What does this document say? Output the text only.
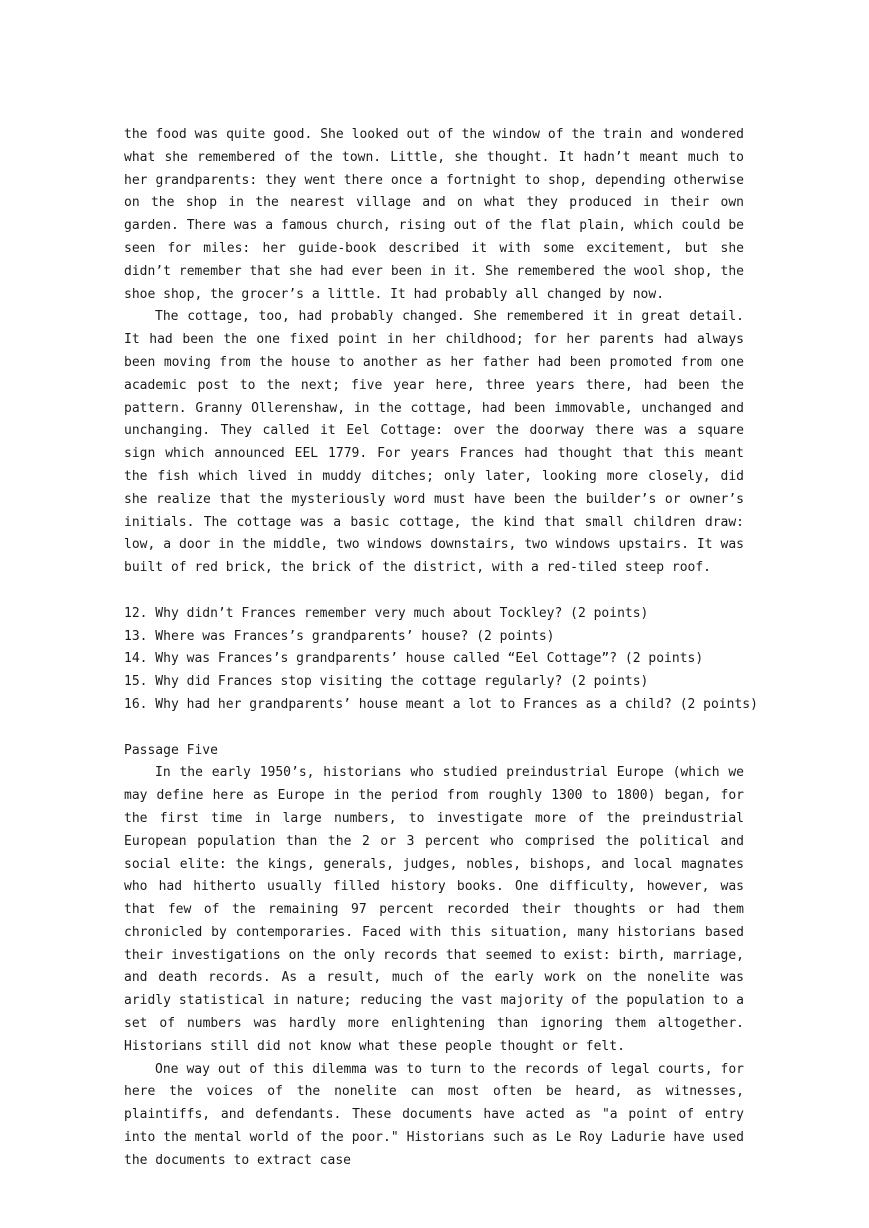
the food was quite good. She looked out of the window of the train and wondered what she remembered of the town. Little, she thought. It hadn’t meant much to her grandparents: they went there once a fortnight to shop, depending otherwise on the shop in the nearest village and on what they produced in their own garden. There was a famous church, rising out of the flat plain, which could be seen for miles: her guide-book described it with some excitement, but she didn’t remember that she had ever been in it. She remembered the wool shop, the shoe shop, the grocer’s a little. It had probably all changed by now.

The cottage, too, had probably changed. She remembered it in great detail. It had been the one fixed point in her childhood; for her parents had always been moving from the house to another as her father had been promoted from one academic post to the next; five year here, three years there, had been the pattern. Granny Ollerenshaw, in the cottage, had been immovable, unchanged and unchanging. They called it Eel Cottage: over the doorway there was a square sign which announced EEL 1779. For years Frances had thought that this meant the fish which lived in muddy ditches; only later, looking more closely, did she realize that the mysteriously word must have been the builder’s or owner’s initials. The cottage was a basic cottage, the kind that small children draw: low, a door in the middle, two windows downstairs, two windows upstairs. It was built of red brick, the brick of the district, with a red-tiled steep roof.

12. Why didn’t Frances remember very much about Tockley? (2 points)

13. Where was Frances’s grandparents’ house? (2 points)

14. Why was Frances’s grandparents’ house called “Eel Cottage”? (2 points)

15. Why did Frances stop visiting the cottage regularly? (2 points)

16. Why had her grandparents’ house meant a lot to Frances as a child? (2 points)

Passage Five

In the early 1950’s, historians who studied preindustrial Europe (which we may define here as Europe in the period from roughly 1300 to 1800) began, for the first time in large numbers, to investigate more of the preindustrial European population than the 2 or 3 percent who comprised the political and social elite: the kings, generals, judges, nobles, bishops, and local magnates who had hitherto usually filled history books. One difficulty, however, was that few of the remaining 97 percent recorded their thoughts or had them chronicled by contemporaries. Faced with this situation, many historians based their investigations on the only records that seemed to exist: birth, marriage, and death records. As a result, much of the early work on the nonelite was aridly statistical in nature; reducing the vast majority of the population to a set of numbers was hardly more enlightening than ignoring them altogether. Historians still did not know what these people thought or felt.

One way out of this dilemma was to turn to the records of legal courts, for here the voices of the nonelite can most often be heard, as witnesses, plaintiffs, and defendants. These documents have acted as "a point of entry into the mental world of the poor." Historians such as Le Roy Ladurie have used the documents to extract case
